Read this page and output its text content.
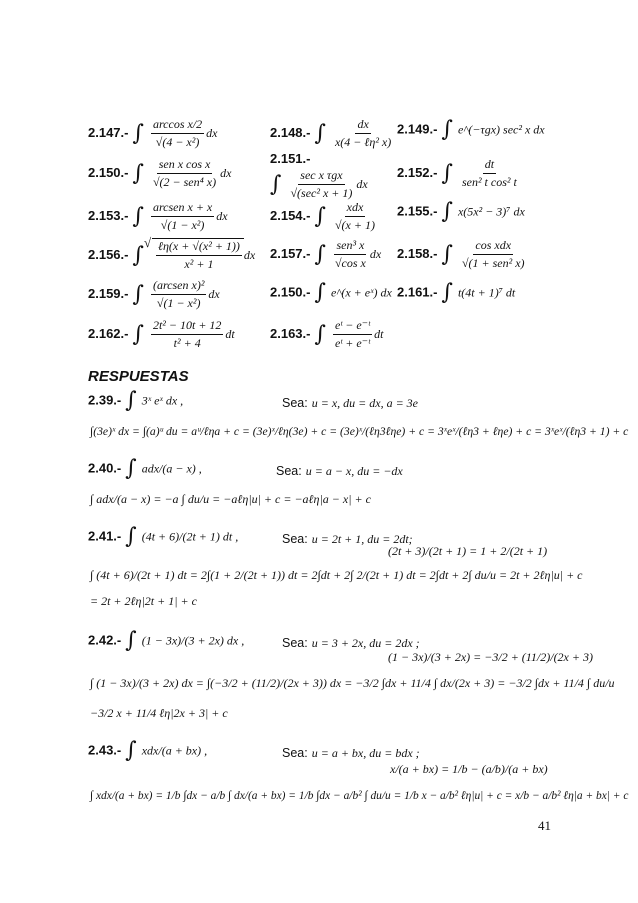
2.147.- ∫ $\frac{\text{arccos x/2}}{\text{√(4 − x²)}}$ dx	2.148.- ∫ $\frac{dx}{\text{x(4 − ℓη² x)}} 2.149.-$ ∫ e^(−τgx) sec² x dx
2.150.- ∫ $\frac{\text{sen x cos x}}{\text{√(2 − sen⁴ x)}}$ dx
2.151.-
∫ $\frac{\text{sec x τgx}}{\text{√(sec² x + 1)}}$ dx
2.152.- ∫ $\frac{dt}{\text{sen² t cos² t}}$
2.153.- ∫ $\frac{\text{arcsen x + x}}{\text{√(1 − x²)}}$ dx	2.154.- ∫ $\frac{\text{xdx}}{√(x + 1)} 2.155.-$ ∫ x(5x² − 3)⁷ dx
2.156.- ∫
√ $\frac{\text{ℓη(x + √(x² + 1))}}{\text{x² + 1}}$ dx 2.157.- ∫ $\frac{\text{sen³ x}}{\text{√cos x}}$ dx 2.158.- ∫ $\frac{\text{cos xdx}}{\text{√(1 + sen² x)}}$
2.159.- ∫ $\frac{\text{(arcsen x)²}}{\text{√(1 − x²)}}$ dx	2.150.- ∫ e^(x + eˣ) dx 2.161.- ∫ t(4t + 1)⁷ dt
2.162.- ∫ $\frac{\text{2t² − 10t + 12}}{\text{t² + 4}}$ dt	2.163.- ∫ $\frac{\text{eᵗ − e⁻ᵗ}}{\text{eᵗ + e⁻ᵗ}}$ dt
RESPUESTAS
2.39.- ∫ 3ˣ eˣ dx ,	Sea: u = x, du = dx, a = 3e
∫(3e)ˣ dx = ∫(a)ᵘ du = aᵘ/ℓηa + c = (3e)ˣ/ℓη(3e) + c = (3e)ˣ/(ℓη3ℓηe) + c = 3ˣeˣ/(ℓη3 + ℓηe) + c = 3ˣeˣ/(ℓη3 + 1) + c
2.40.- ∫ adx/(a − x) ,	Sea: u = a − x, du = −dx
∫ adx/(a − x) = −a ∫ du/u = −aℓη|u| + c = −aℓη|a − x| + c
2.41.- ∫ (4t + 6)/(2t + 1) dt ,	Sea: u = 2t + 1, du = 2dt;
(2t + 3)/(2t + 1) = 1 + 2/(2t + 1)
∫ (4t + 6)/(2t + 1) dt = 2∫(1 + 2/(2t + 1)) dt = 2∫dt + 2∫ 2/(2t + 1) dt = 2∫dt + 2∫ du/u = 2t + 2ℓη|u| + c
= 2t + 2ℓη|2t + 1| + c
2.42.- ∫ (1 − 3x)/(3 + 2x) dx ,	Sea: u = 3 + 2x, du = 2dx ;
(1 − 3x)/(3 + 2x) = −3/2 + (11/2)/(2x + 3)
∫ (1 − 3x)/(3 + 2x) dx = ∫(−3/2 + (11/2)/(2x + 3)) dx = −3/2 ∫dx + 11/4 ∫ dx/(2x + 3) = −3/2 ∫dx + 11/4 ∫ du/u
−3/2 x + 11/4 ℓη|2x + 3| + c
2.43.- ∫ xdx/(a + bx) ,	Sea: u = a + bx, du = bdx ;
x/(a + bx) = 1/b − (a/b)/(a + bx)
∫ xdx/(a + bx) = 1/b ∫dx − a/b ∫ dx/(a + bx) = 1/b ∫dx − a/b² ∫ du/u = 1/b x − a/b² ℓη|u| + c = x/b − a/b² ℓη|a + bx| + c
41
